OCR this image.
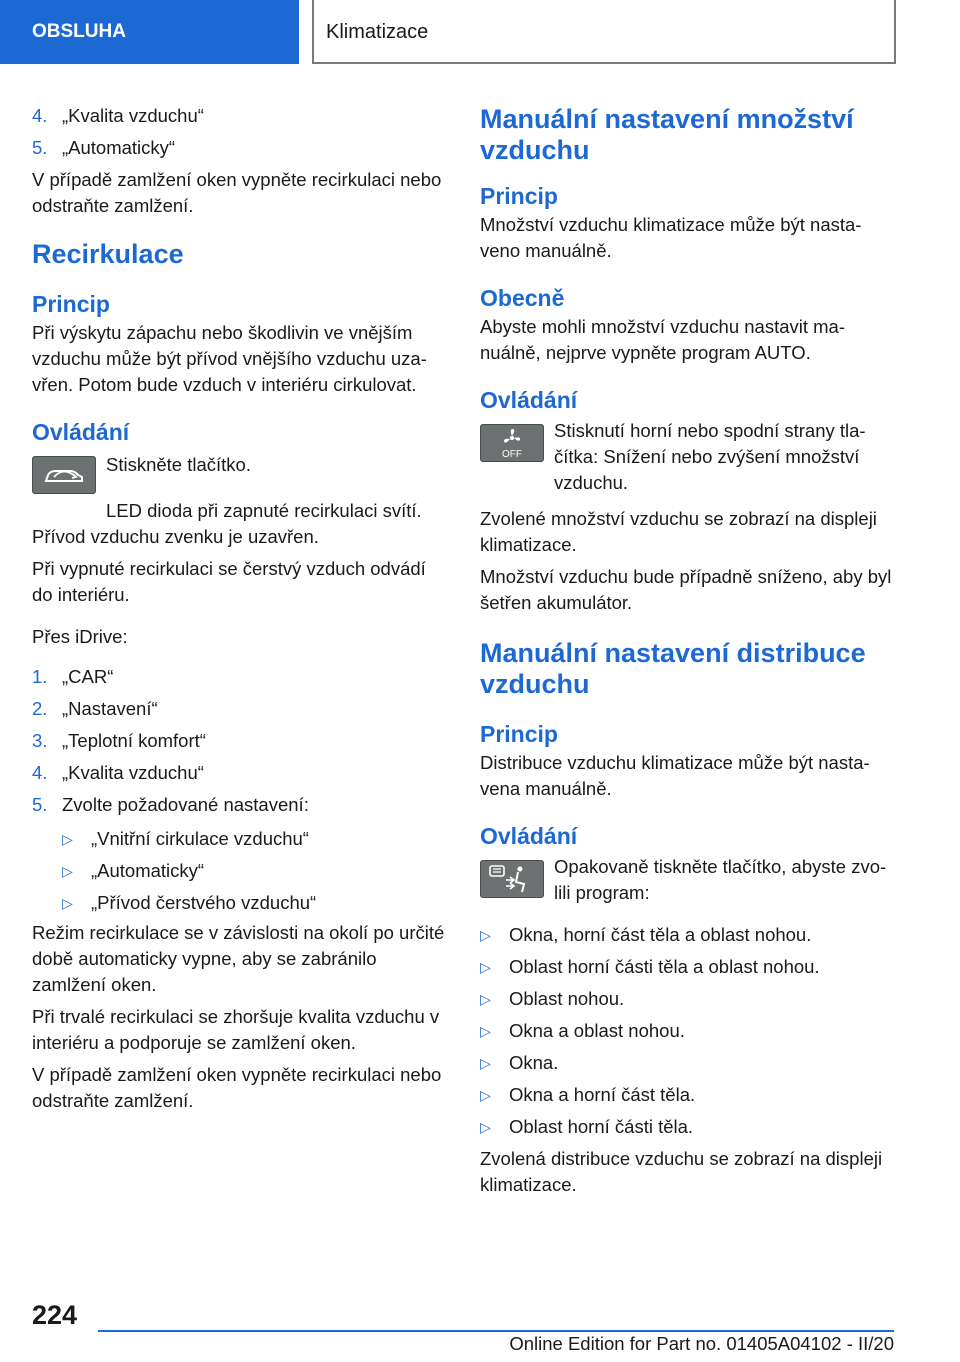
OBSLUHA	Klimatizace
4. „Kvalita vzduchu“
5. „Automaticky“

V případě zamlžení oken vypněte recirkulaci nebo odstraňte zamlžení.

Recirkulace

Princip

Při výskytu zápachu nebo škodlivin ve vnějším vzduchu může být přívod vnějšího vzduchu uza-vřen. Potom bude vzduch v interiéru cirkulovat.

Ovládání

Stiskněte tlačítko.

LED dioda při zapnuté recirkulaci svítí.

Přívod vzduchu zvenku je uzavřen.

Při vypnuté recirkulaci se čerstvý vzduch odvádí do interiéru.

Přes iDrive:

1. „CAR“
2. „Nastavení“
3. „Teplotní komfort“
4. „Kvalita vzduchu“
5. Zvolte požadované nastavení:
▷ „Vnitřní cirkulace vzduchu“
▷ „Automaticky“
▷ „Přívod čerstvého vzduchu“

Režim recirkulace se v závislosti na okolí po určité době automaticky vypne, aby se zabránilo zamlžení oken.

Při trvalé recirkulaci se zhoršuje kvalita vzduchu v interiéru a podporuje se zamlžení oken.

V případě zamlžení oken vypněte recirkulaci nebo odstraňte zamlžení.

Manuální nastavení množství vzduchu

Princip

Množství vzduchu klimatizace může být nasta-veno manuálně.

Obecně

Abyste mohli množství vzduchu nastavit ma-nuálně, nejprve vypněte program AUTO.

Ovládání

OFF

Stisknutí horní nebo spodní strany tla-čítka: Snížení nebo zvýšení množství vzduchu.

Zvolené množství vzduchu se zobrazí na displeji klimatizace.

Množství vzduchu bude případně sníženo, aby byl šetřen akumulátor.

Manuální nastavení distribuce vzduchu

Princip

Distribuce vzduchu klimatizace může být nasta-vena manuálně.

Ovládání

Opakovaně tiskněte tlačítko, abyste zvo-lili program:

▷ Okna, horní část těla a oblast nohou.
▷ Oblast horní části těla a oblast nohou.
▷ Oblast nohou.
▷ Okna a oblast nohou.
▷ Okna.
▷ Okna a horní část těla.
▷ Oblast horní části těla.

Zvolená distribuce vzduchu se zobrazí na displeji klimatizace.

224
Online Edition for Part no. 01405A04102 - II/20
